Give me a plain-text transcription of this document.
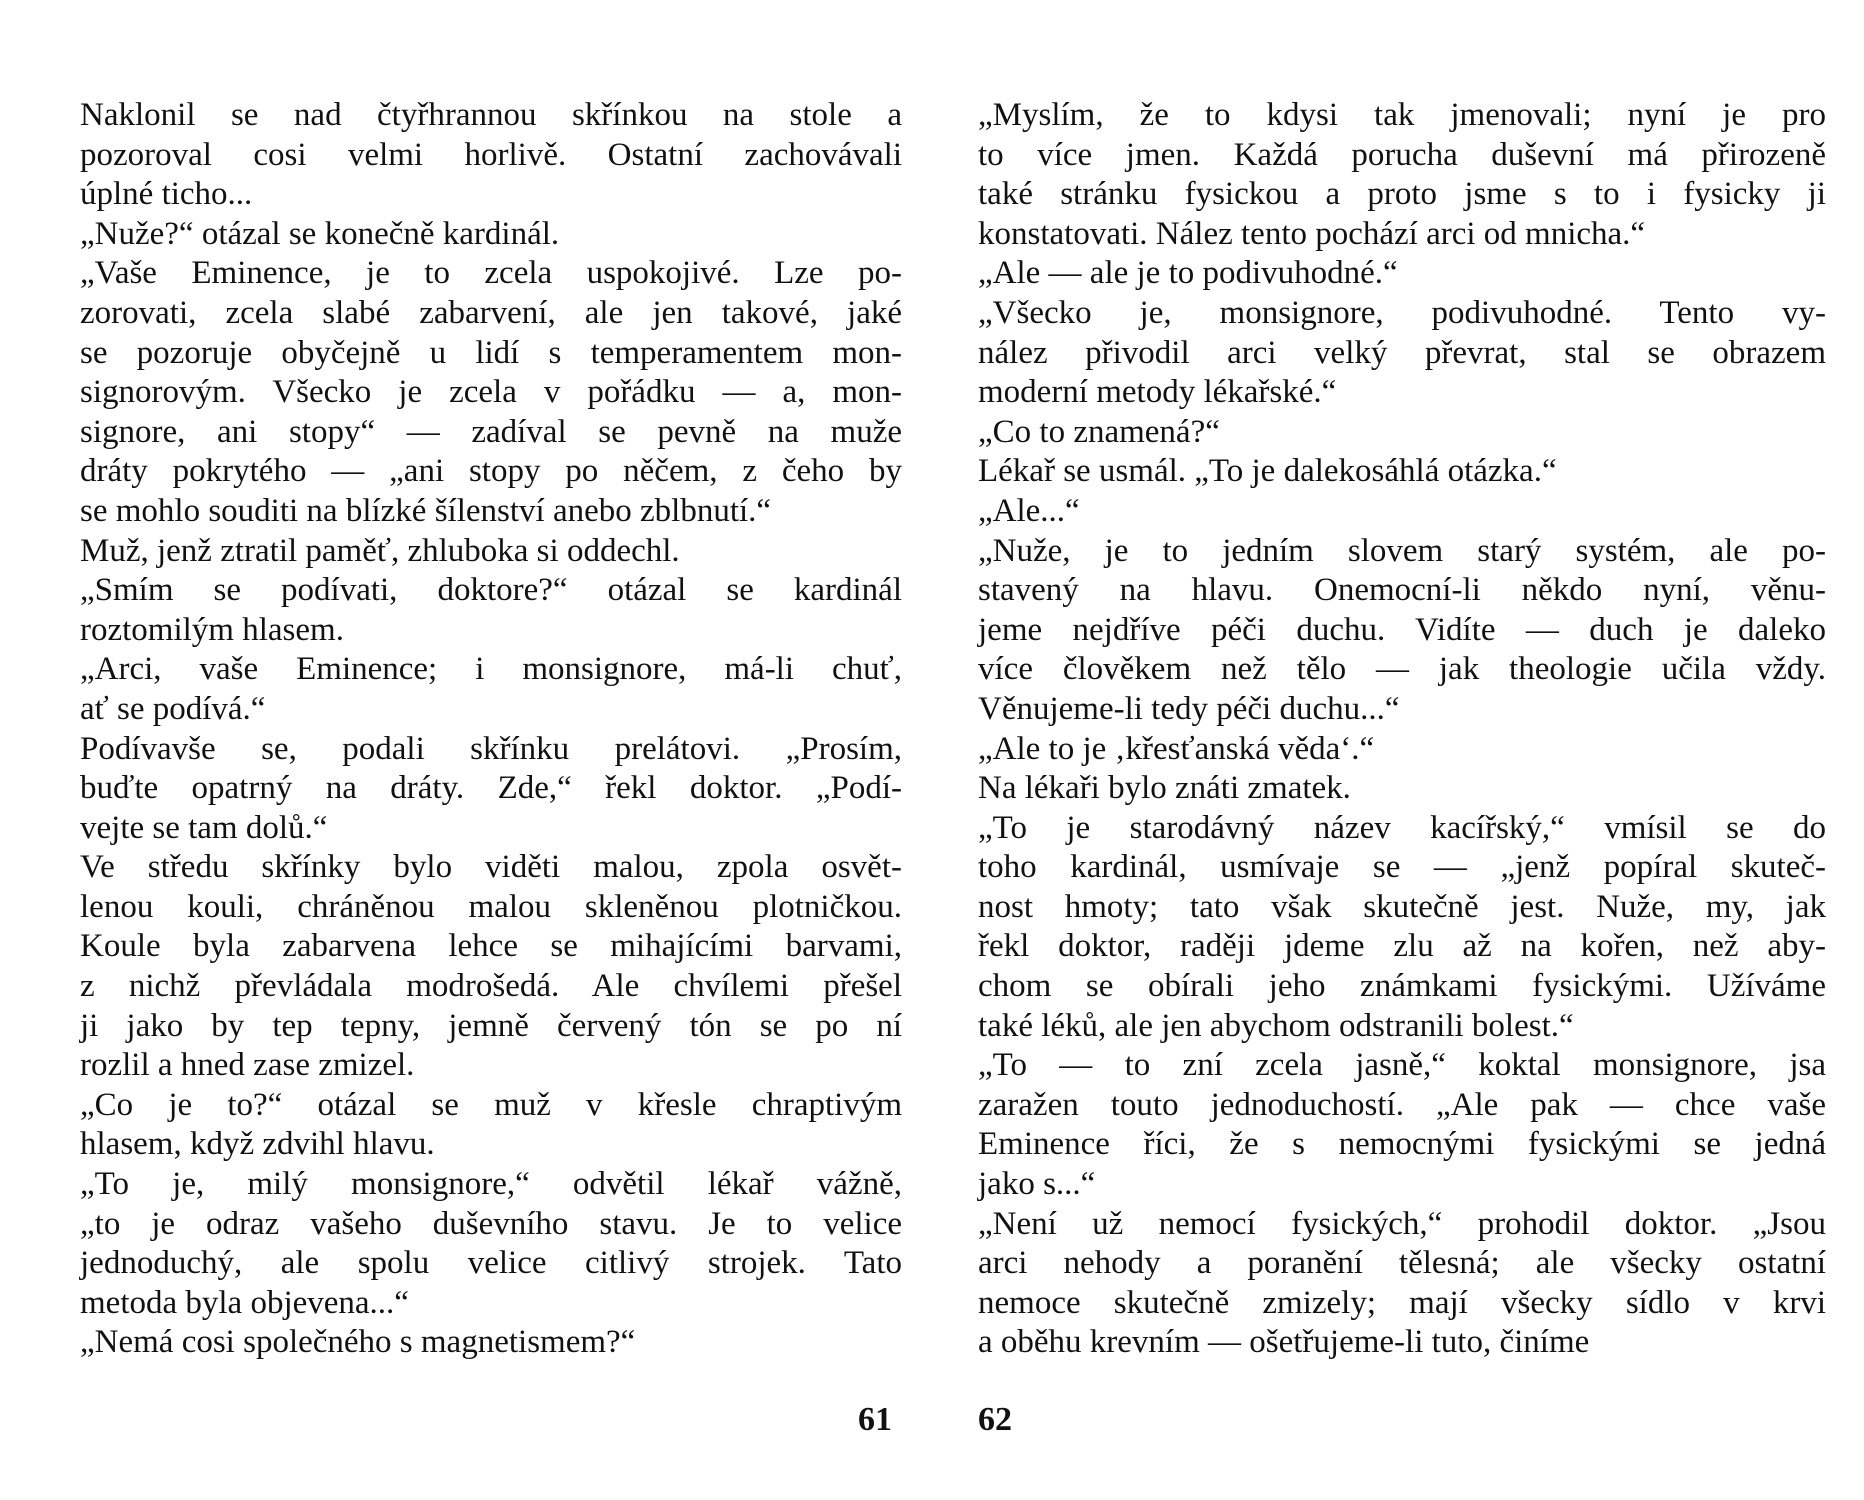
Naklonil se nad čtyřhrannou skřínkou na stole a
pozoroval cosi velmi horlivě. Ostatní zachovávali
úplné ticho...
„Nuže?“ otázal se konečně kardinál.
„Vaše Eminence, je to zcela uspokojivé. Lze po-
zorovati, zcela slabé zabarvení, ale jen takové, jaké
se pozoruje obyčejně u lidí s temperamentem mon-
signorovým. Všecko je zcela v pořádku — a, mon-
signore, ani stopy“ — zadíval se pevně na muže
dráty pokrytého — „ani stopy po něčem, z čeho by
se mohlo souditi na blízké šílenství anebo zblbnutí.“
Muž, jenž ztratil paměť, zhluboka si oddechl.
„Smím se podívati, doktore?“ otázal se kardinál
roztomilým hlasem.
„Arci, vaše Eminence; i monsignore, má-li chuť,
ať se podívá.“
Podívavše se, podali skřínku prelátovi. „Prosím,
buďte opatrný na dráty. Zde,“ řekl doktor. „Podí-
vejte se tam dolů.“
Ve středu skřínky bylo viděti malou, zpola osvět-
lenou kouli, chráněnou malou skleněnou plotničkou.
Koule byla zabarvena lehce se mihajícími barvami,
z nichž převládala modrošedá. Ale chvílemi přešel
ji jako by tep tepny, jemně červený tón se po ní
rozlil a hned zase zmizel.
„Co je to?“ otázal se muž v křesle chraptivým
hlasem, když zdvihl hlavu.
„To je, milý monsignore,“ odvětil lékař vážně,
„to je odraz vašeho duševního stavu. Je to velice
jednoduchý, ale spolu velice citlivý strojek. Tato
metoda byla objevena...“
„Nemá cosi společného s magnetismem?“
61
„Myslím, že to kdysi tak jmenovali; nyní je pro
to více jmen. Každá porucha duševní má přirozeně
také stránku fysickou a proto jsme s to i fysicky ji
konstatovati. Nález tento pochází arci od mnicha.“
„Ale — ale je to podivuhodné.“
„Všecko je, monsignore, podivuhodné. Tento vy-
nález přivodil arci velký převrat, stal se obrazem
moderní metody lékařské.“
„Co to znamená?“
Lékař se usmál. „To je dalekosáhlá otázka.“
„Ale...“
„Nuže, je to jedním slovem starý systém, ale po-
stavený na hlavu. Onemocní-li někdo nyní, věnu-
jeme nejdříve péči duchu. Vidíte — duch je daleko
více člověkem než tělo — jak theologie učila vždy.
Věnujeme-li tedy péči duchu...“
„Ale to je ‚křesťanská věda‘.“
Na lékaři bylo znáti zmatek.
„To je starodávný název kacířský,“ vmísil se do
toho kardinál, usmívaje se — „jenž popíral skuteč-
nost hmoty; tato však skutečně jest. Nuže, my, jak
řekl doktor, raději jdeme zlu až na kořen, než aby-
chom se obírali jeho známkami fysickými. Užíváme
také léků, ale jen abychom odstranili bolest.“
„To — to zní zcela jasně,“ koktal monsignore, jsa
zaražen touto jednoduchostí. „Ale pak — chce vaše
Eminence říci, že s nemocnými fysickými se jedná
jako s...“
„Není už nemocí fysických,“ prohodil doktor. „Jsou
arci nehody a poranění tělesná; ale všecky ostatní
nemoce skutečně zmizely; mají všecky sídlo v krvi
a oběhu krevním — ošetřujeme-li tuto, činíme
62
